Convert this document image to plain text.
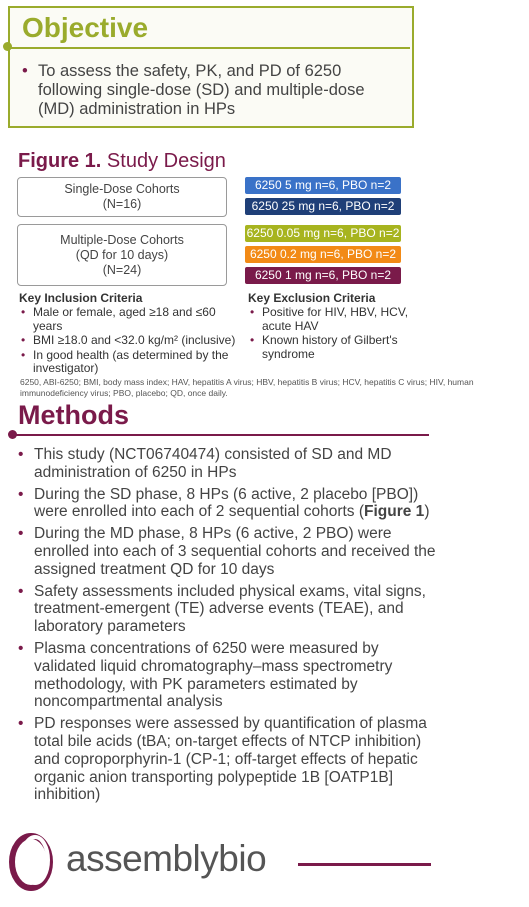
Objective
• To assess the safety, PK, and PD of 6250 following single-dose (SD) and multiple-dose (MD) administration in HPs
Figure 1. Study Design
Single-Dose Cohorts
(N=16)
Multiple-Dose Cohorts
(QD for 10 days)
(N=24)
6250 5 mg n=6, PBO n=2
6250 25 mg n=6, PBO n=2
6250 0.05 mg n=6, PBO n=2
6250 0.2 mg n=6, PBO n=2
6250 1 mg n=6, PBO n=2
Key Inclusion Criteria
• Male or female, aged ≥18 and ≤60 years
• BMI ≥18.0 and <32.0 kg/m² (inclusive)
• In good health (as determined by the investigator)
Key Exclusion Criteria
• Positive for HIV, HBV, HCV, acute HAV
• Known history of Gilbert's syndrome
6250, ABI-6250; BMI, body mass index; HAV, hepatitis A virus; HBV, hepatitis B virus; HCV, hepatitis C virus; HIV, human immunodeficiency virus; PBO, placebo; QD, once daily.
Methods
• This study (NCT06740474) consisted of SD and MD administration of 6250 in HPs
• During the SD phase, 8 HPs (6 active, 2 placebo [PBO]) were enrolled into each of 2 sequential cohorts (Figure 1)
• During the MD phase, 8 HPs (6 active, 2 PBO) were enrolled into each of 3 sequential cohorts and received the assigned treatment QD for 10 days
• Safety assessments included physical exams, vital signs, treatment-emergent (TE) adverse events (TEAE), and laboratory parameters
• Plasma concentrations of 6250 were measured by validated liquid chromatography–mass spectrometry methodology, with PK parameters estimated by noncompartmental analysis
• PD responses were assessed by quantification of plasma total bile acids (tBA; on-target effects of NTCP inhibition) and coproporphyrin-1 (CP-1; off-target effects of hepatic organic anion transporting polypeptide 1B [OATP1B] inhibition)
assemblybio
